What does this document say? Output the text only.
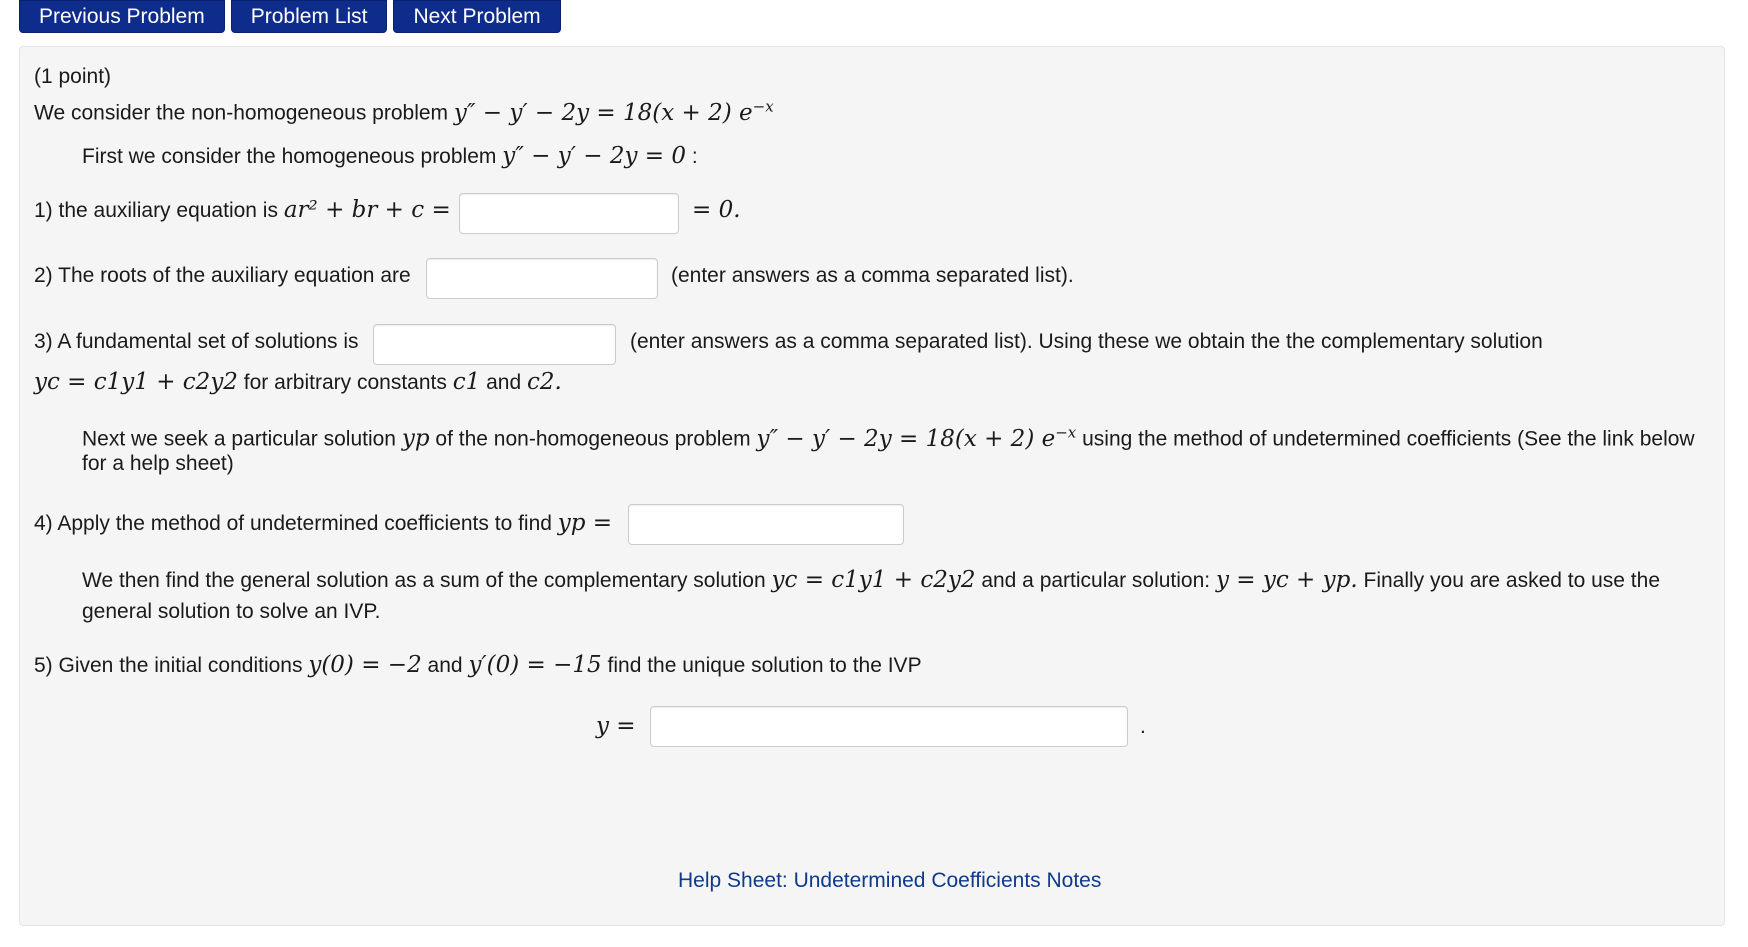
Previous Problem	Problem List	Next Problem
(1 point)
We consider the non-homogeneous problem y″ − y′ − 2y = 18(x + 2) $e^{-x}$
First we consider the homogeneous problem y″ − y′ − 2y = 0 :
1) the auxiliary equation is ar² + br + c =	= 0.
2) The roots of the auxiliary equation are	(enter answers as a comma separated list).
3) A fundamental set of solutions is	(enter answers as a comma separated list). Using these we obtain the the complementary solution
yc = c1y1 + c2y2 for arbitrary constants c1 and c2.
Next we seek a particular solution yp of the non-homogeneous problem y″ − y′ − 2y = 18(x + 2) $e^{-x}$ using the method of undetermined coefficients (See the link below
for a help sheet)
4) Apply the method of undetermined coefficients to find yp =
We then find the general solution as a sum of the complementary solution yc = c1y1 + c2y2 and a particular solution: y = yc + yp. Finally you are asked to use the
general solution to solve an IVP.
5) Given the initial conditions y(0) = −2 and y′(0) = −15 find the unique solution to the IVP
y =	.
Help Sheet: Undetermined Coefficients Notes
